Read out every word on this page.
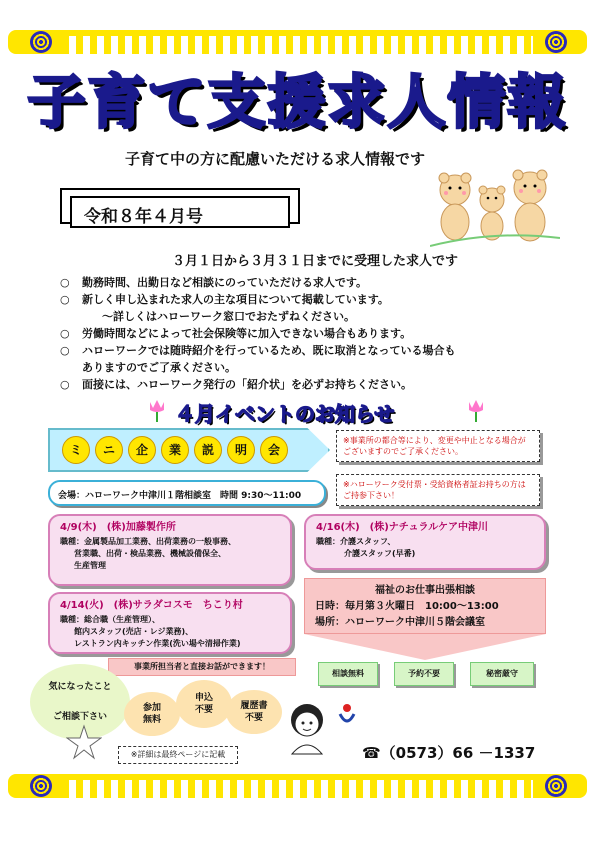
子育て支援求人情報
子育て中の方に配慮いただける求人情報です
令和８年４月号
３月１日から３月３１日までに受理した求人です
○ 勤務時間、出勤日など相談にのっていただける求人です。
○ 新しく申し込まれた求人の主な項目について掲載しています。
～詳しくはハローワーク窓口でおたずねください。
○ 労働時間などによって社会保険等に加入できない場合もあります。
○ ハローワークでは随時紹介を行っているため、既に取消となっている場合も
ありますのでご了承ください。
○ 面接には、ハローワーク発行の「紹介状」を必ずお持ちください。
４月イベントのお知らせ
ミ	ニ	企	業	説	明	会
※事業所の都合等により、変更や中止となる場合がございますのでご了承ください。
※ハローワーク受付票・受給資格者証お持ちの方はご持参下さい！
会場：ハローワーク中津川１階相談室　時間 9:30～11:00
4/9(木)　 (株)加藤製作所
職種：金属製品加工業務、出荷業務の一般事務、
営業職、出荷・検品業務、機械設備保全、
生産管理
4/16(木)　 (株)ナチュラルケア中津川
職種：介護スタッフ、
介護スタッフ(早番)
4/14(火)　 (株)サラダコスモ　ちこり村
職種：総合職（生産管理）、
館内スタッフ(売店・レジ業務)、
レストラン内キッチン作業(洗い場や清掃作業)
福祉のお仕事出張相談
日時：毎月第３火曜日　10:00～13:00
場所：ハローワーク中津川５階会議室
相談無料	予約不要	秘密厳守
事業所担当者と直接お話ができます！
気になったこと
ご相談下さい
参加
無料
申込
不要	履歴書
不要
※詳細は最終ページに記載	☎（0573）66 －1337
